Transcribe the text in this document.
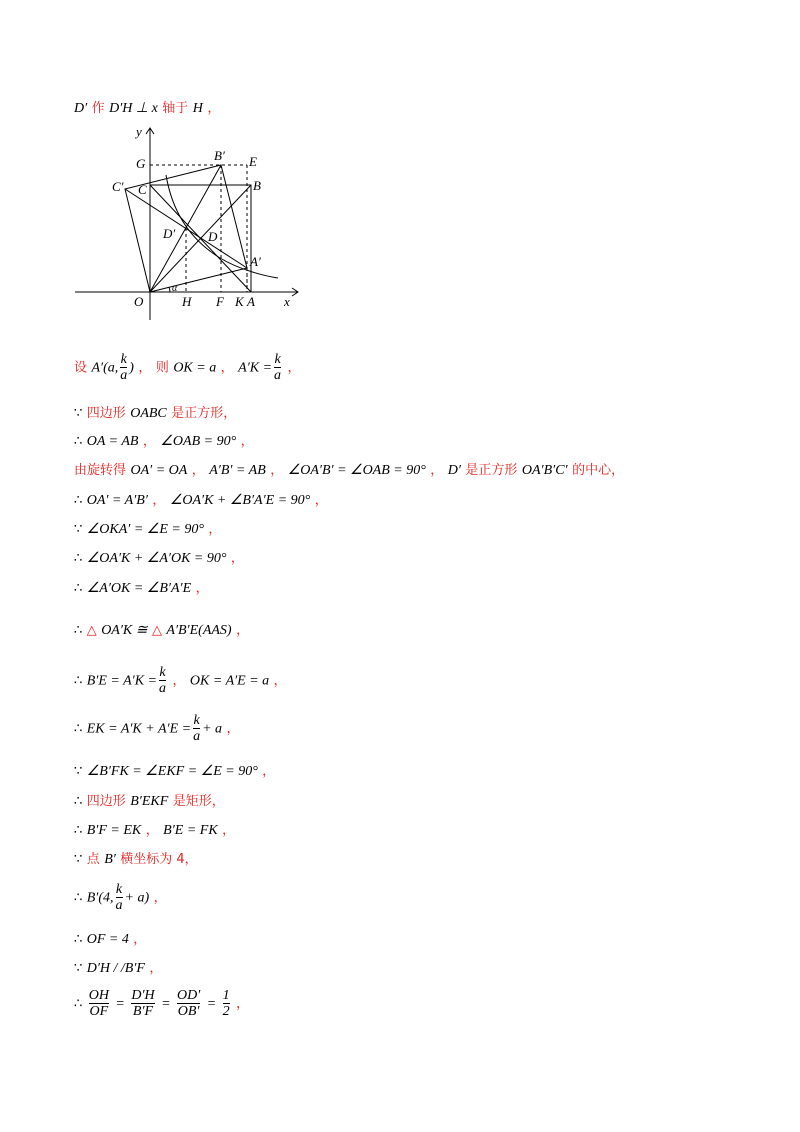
D′ 作 D′H ⊥ x 轴于 H ，
y
x
O
G
B′ E
C′ C	B
D′	D
A′
H F K A
α
设 A′(a, $\frac{k}{a}$ ) ， 则 OK = a ， $A'K = \frac{k}{a}$ ，
∵ 四边形 OABC 是正方形，
∴ OA = AB ， ∠OAB = 90° ，
由旋转得 OA′ = OA ， A′B′ = AB ， ∠OA′B′ = ∠OAB = 90° ， D′ 是正方形 OA′B′C′ 的中心，
∴ OA′ = A′B′ ， ∠OA′K + ∠B′A′E = 90° ，
∵ ∠OKA′ = ∠E = 90° ，
∴ ∠OA′K + ∠A′OK = 90° ，
∴ ∠A′OK = ∠B′A′E ，
∴ △ OA′K ≅ △ A′B′E(AAS) ，
∴ $B'E = A'K = \frac{k}{a}$ ， OK = A′E = a ，
∴ EK = $A'K + A'E = \frac{k}{a} + a$ ，
∵ ∠B′FK = ∠EKF = ∠E = 90° ，
∴ 四边形 B′EKF 是矩形，
∴ B′F = EK ， B′E = FK ，
∵ 点 B′ 横坐标为 4，
∴ B′(4, $\frac{k}{a} + a$) ，
∴ OF = 4 ，
∵ D′H / /B′F ，
∴ $\frac{OH}{OF} = \frac{D'H}{B'F} = \frac{OD'}{OB'} = \frac{1}{2}$ ，
